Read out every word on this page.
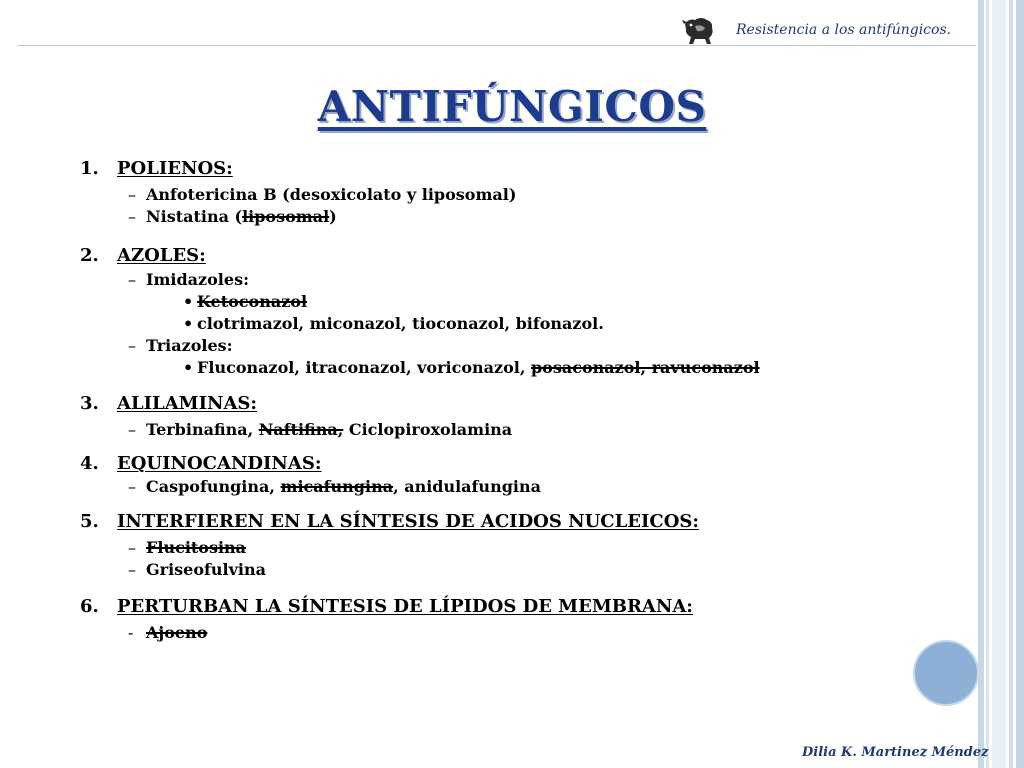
Resistencia a los antifúngicos.
ANTIFÚNGICOS
1. POLIENOS:
– Anfotericina B (desoxicolato y liposomal)
– Nistatina (liposomal)
2. AZOLES:
– Imidazoles:
• Ketoconazol
• clotrimazol, miconazol, tioconazol, bifonazol.
– Triazoles:
• Fluconazol, itraconazol, voriconazol, posaconazol, ravuconazol
3. ALILAMINAS:
– Terbinafina, Naftifina, Ciclopiroxolamina
4. EQUINOCANDINAS:
– Caspofungina, micafungina, anidulafungina
5. INTERFIEREN EN LA SÍNTESIS DE ACIDOS NUCLEICOS:
– Flucitosina
– Griseofulvina
6. PERTURBAN LA SÍNTESIS DE LÍPIDOS DE MEMBRANA:
- Ajoeno
Dilia K. Martinez Méndez
